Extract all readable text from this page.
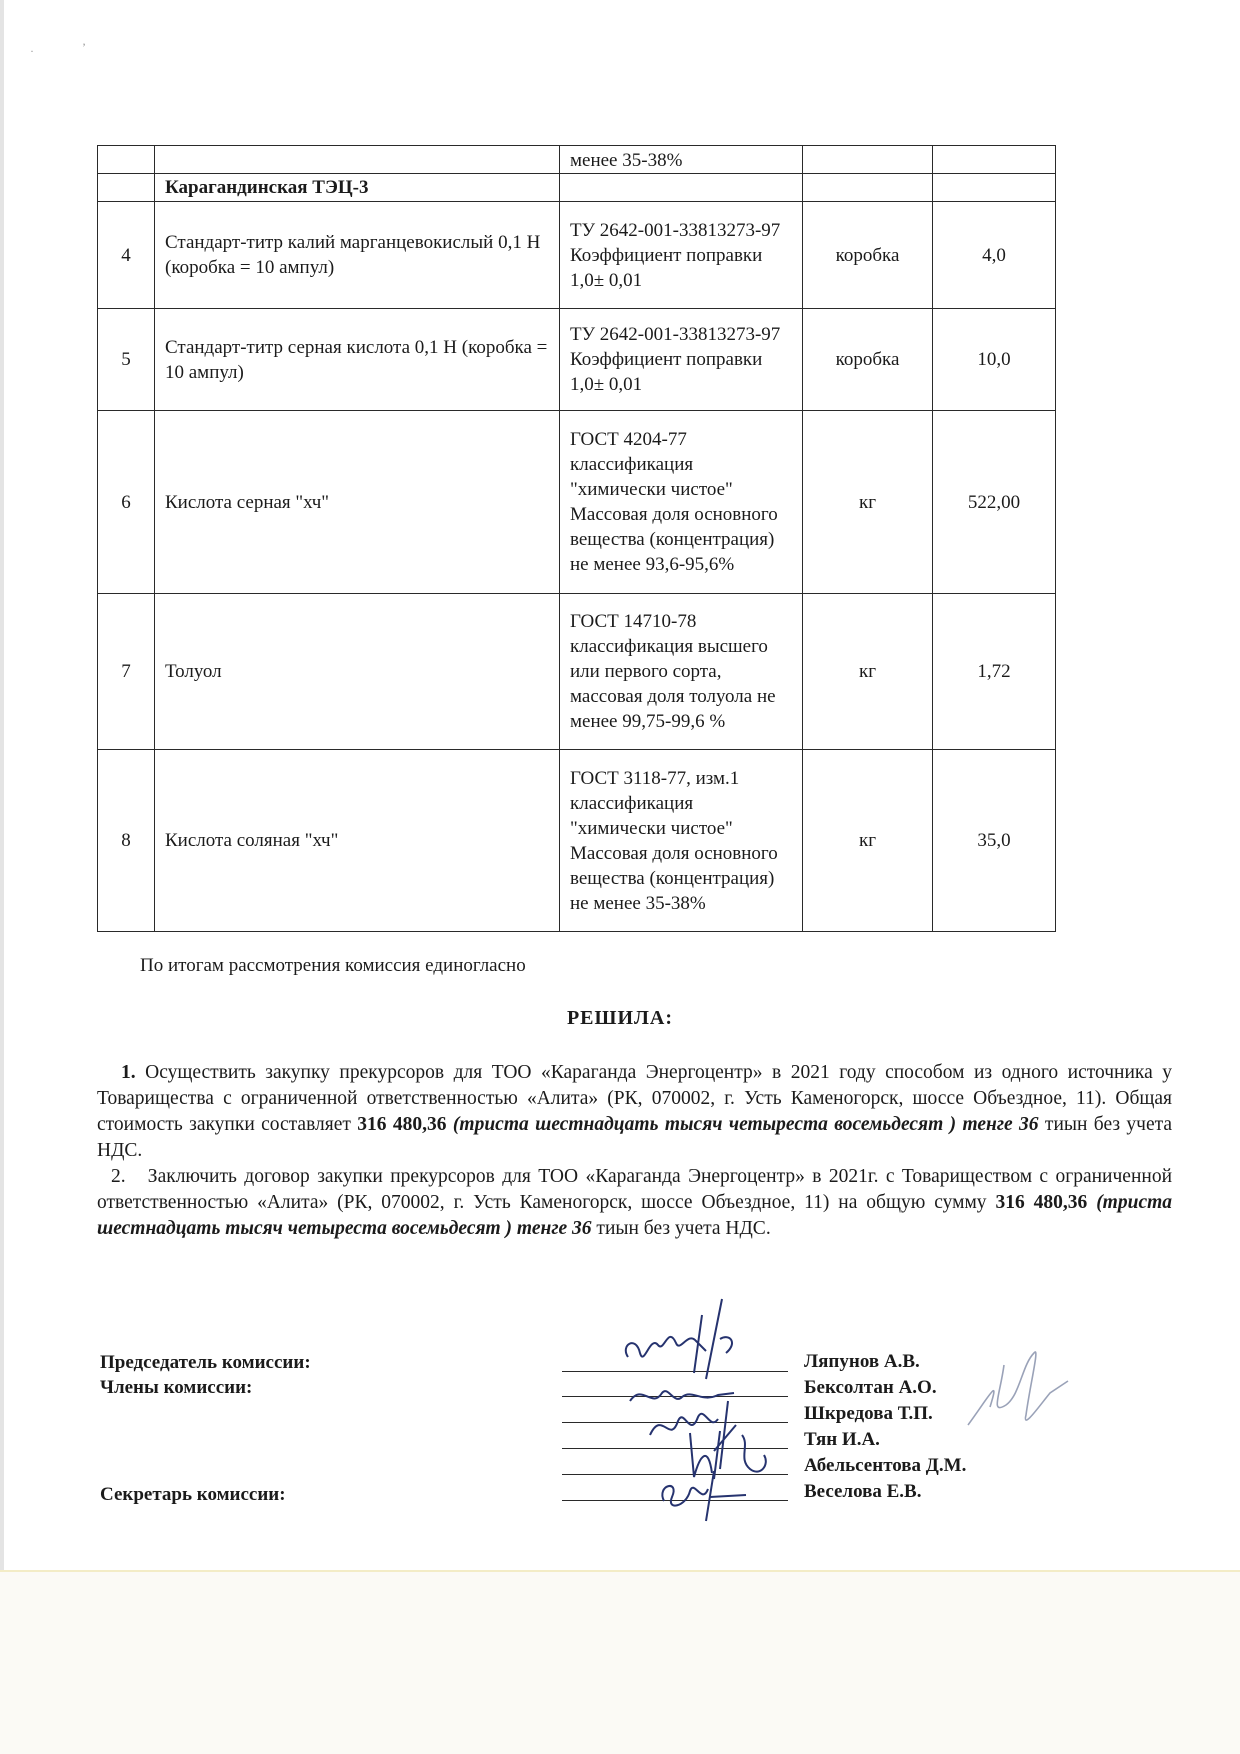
·	’
		менее 35-38%		
	Карагандинская ТЭЦ-3			
4	Стандарт-титр калий марганцевокислый 0,1 Н (коробка = 10 ампул)	ТУ 2642-001-33813273-97 Коэффициент поправки 1,0± 0,01	коробка	4,0
5	Стандарт-титр серная кислота 0,1 Н (коробка = 10 ампул)	ТУ 2642-001-33813273-97 Коэффициент поправки 1,0± 0,01	коробка	10,0
6	Кислота серная "хч"	ГОСТ 4204-77 классификация "химически чистое" Массовая доля основного вещества (концентрация) не менее 93,6-95,6%	кг	522,00
7	Толуол	ГОСТ 14710-78 классификация высшего или первого сорта, массовая доля толуола не менее 99,75-99,6 %	кг	1,72
8	Кислота соляная "хч"	ГОСТ 3118-77, изм.1 классификация "химически чистое" Массовая доля основного вещества (концентрация) не менее 35-38%	кг	35,0

По итогам рассмотрения комиссия единогласно

РЕШИЛА:

1. Осуществить закупку прекурсоров для ТОО «Караганда Энергоцентр» в 2021 году способом из одного источника у Товарищества с ограниченной ответственностью «Алита» (РК, 070002, г. Усть Каменогорск, шоссе Объездное, 11). Общая стоимость закупки составляет 316 480,36 (триста шестнадцать тысяч четыреста восемьдесят ) тенге 36 тиын без учета НДС.

2. Заключить договор закупки прекурсоров для ТОО «Караганда Энергоцентр» в 2021г. с Товариществом с ограниченной ответственностью «Алита» (РК, 070002, г. Усть Каменогорск, шоссе Объездное, 11) на общую сумму 316 480,36 (триста шестнадцать тысяч четыреста восемьдесят ) тенге 36 тиын без учета НДС.

Председатель комиссии:
Члены комиссии:
Секретарь комиссии:
Ляпунов А.В.
Бексолтан А.О.
Шкредова Т.П.
Тян И.А.
Абельсентова Д.М.
Веселова Е.В.
